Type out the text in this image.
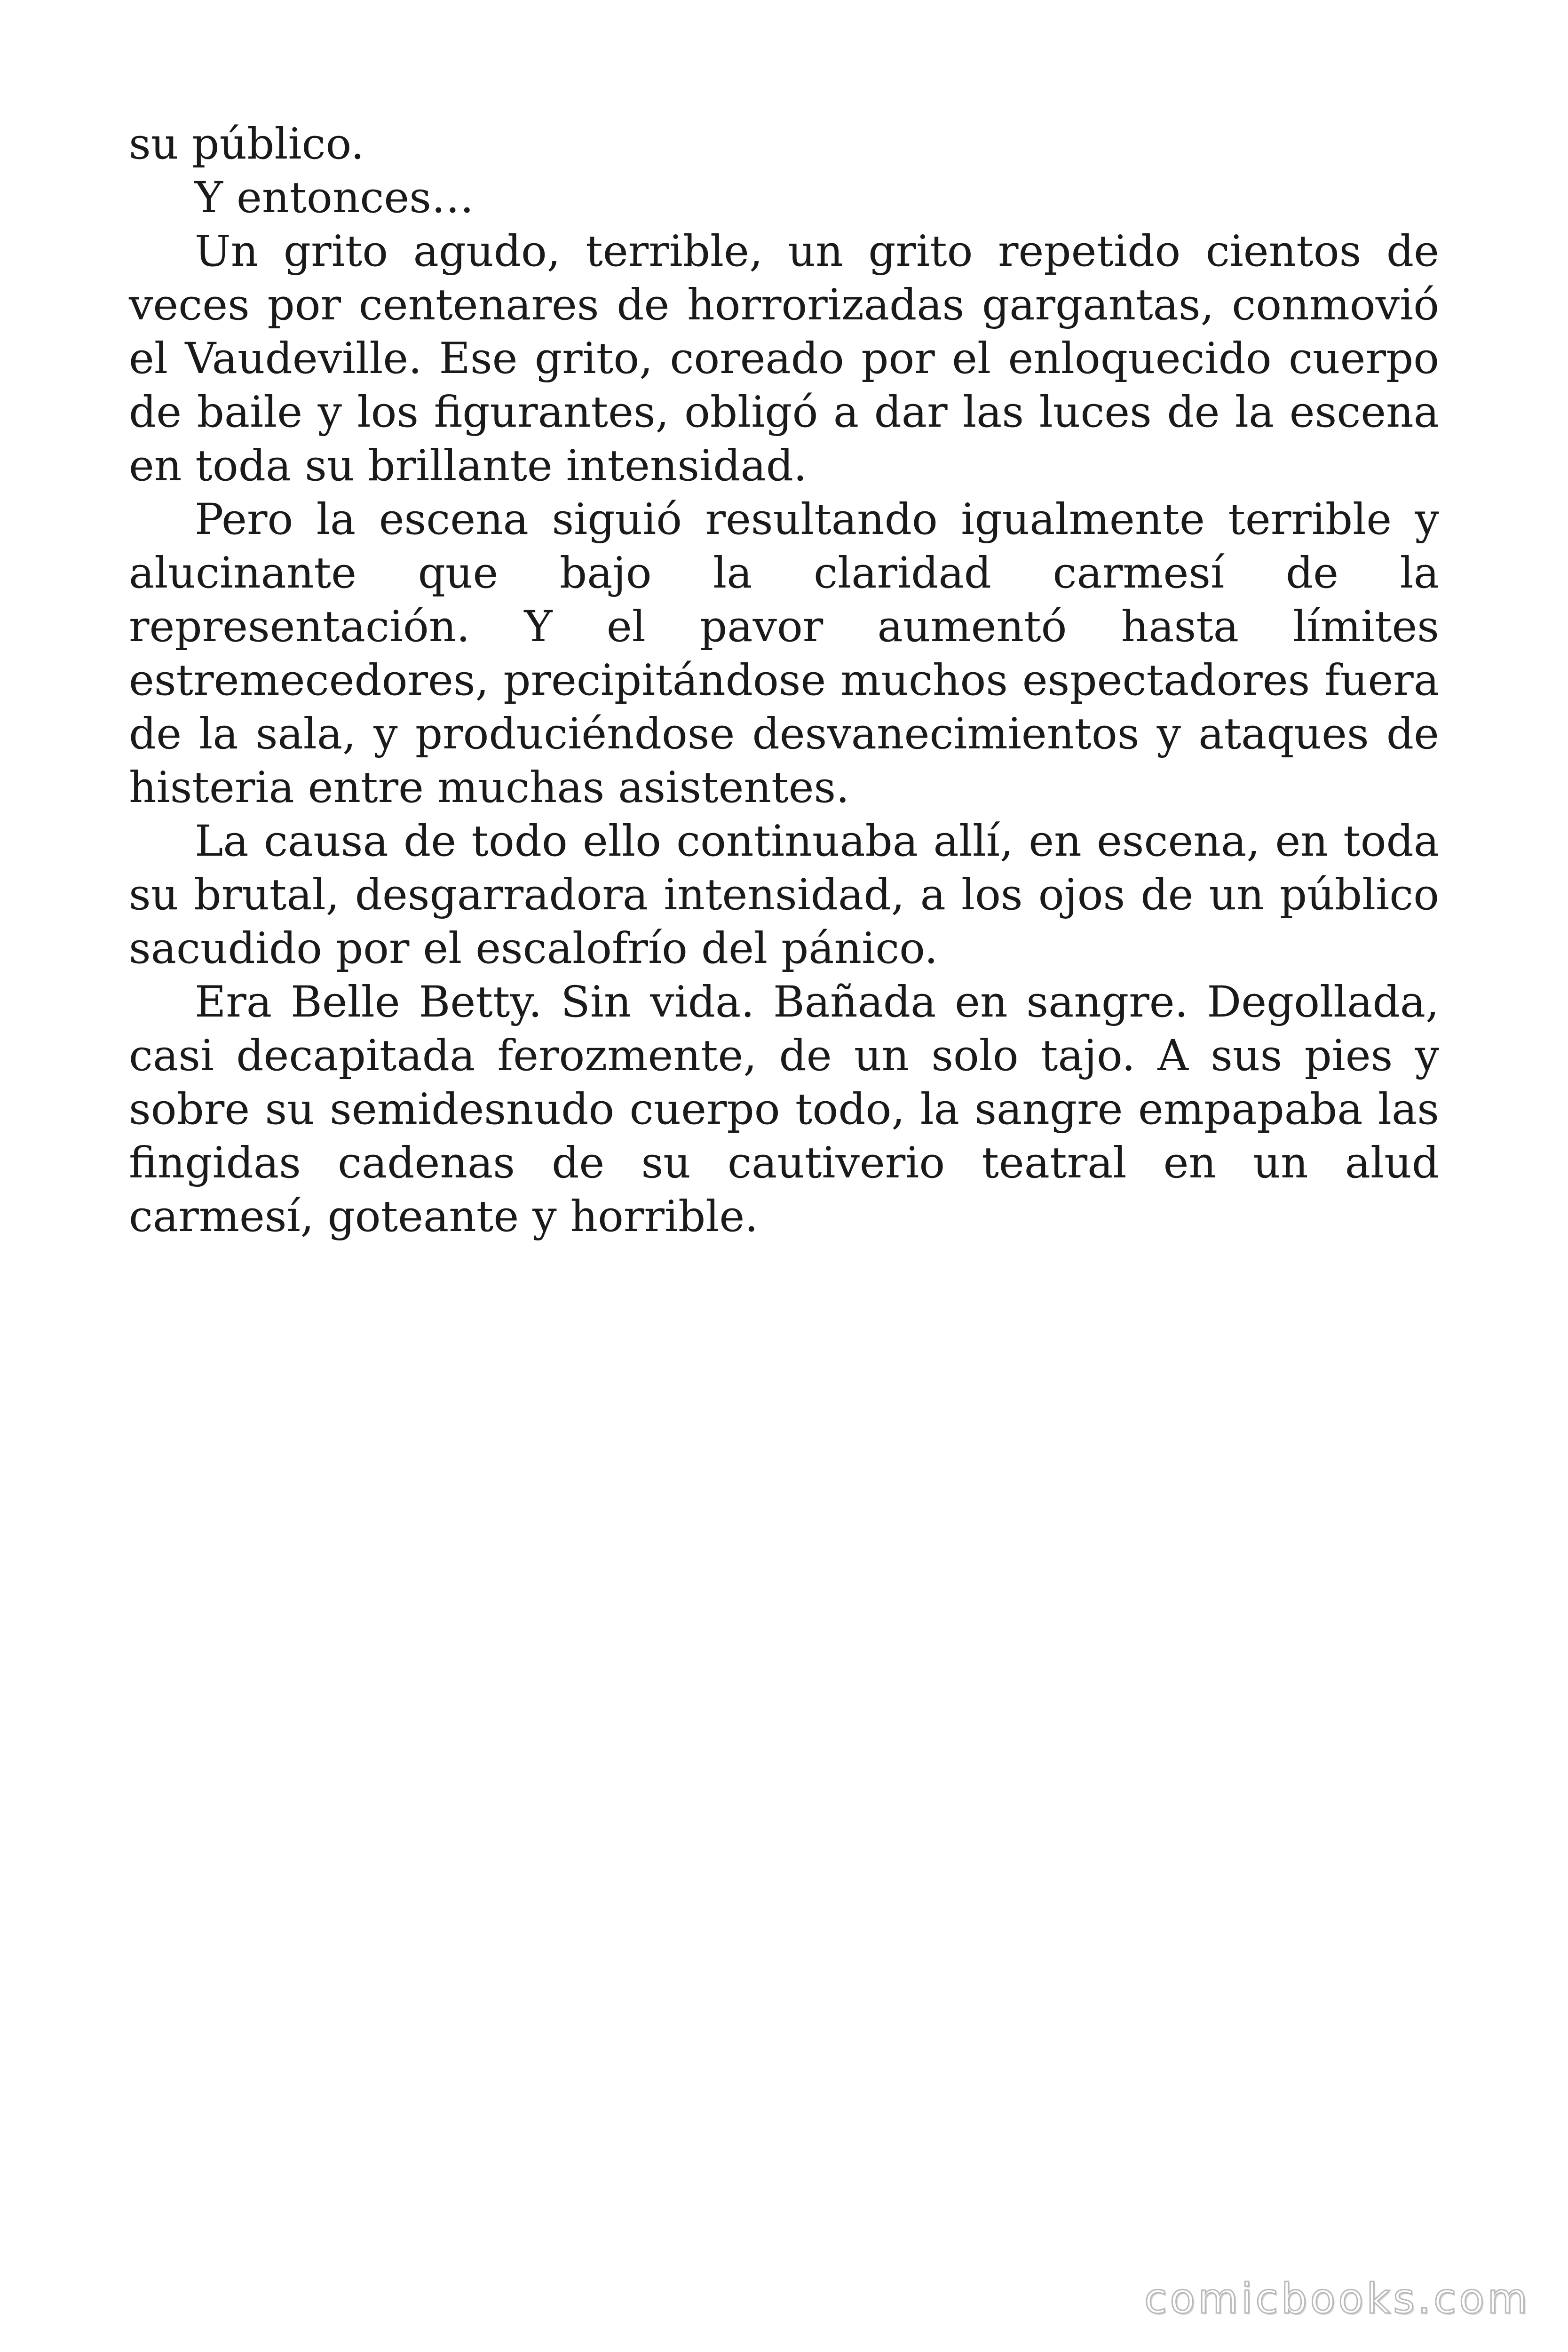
su público.

Y entonces…

Un grito agudo, terrible, un grito repetido cientos de veces por centenares de horrorizadas gargantas, conmovió el Vaudeville. Ese grito, coreado por el enloquecido cuerpo de baile y los figurantes, obligó a dar las luces de la escena en toda su brillante intensidad.

Pero la escena siguió resultando igualmente terrible y alucinante que bajo la claridad carmesí de la representación. Y el pavor aumentó hasta límites estremecedores, precipitándose muchos espectadores fuera de la sala, y produciéndose desvanecimientos y ataques de histeria entre muchas asistentes.

La causa de todo ello continuaba allí, en escena, en toda su brutal, desgarradora intensidad, a los ojos de un público sacudido por el escalofrío del pánico.

Era Belle Betty. Sin vida. Bañada en sangre. Degollada, casi decapitada ferozmente, de un solo tajo. A sus pies y sobre su semidesnudo cuerpo todo, la sangre empapaba las fingidas cadenas de su cautiverio teatral en un alud carmesí, goteante y horrible.

comicbooks.com
